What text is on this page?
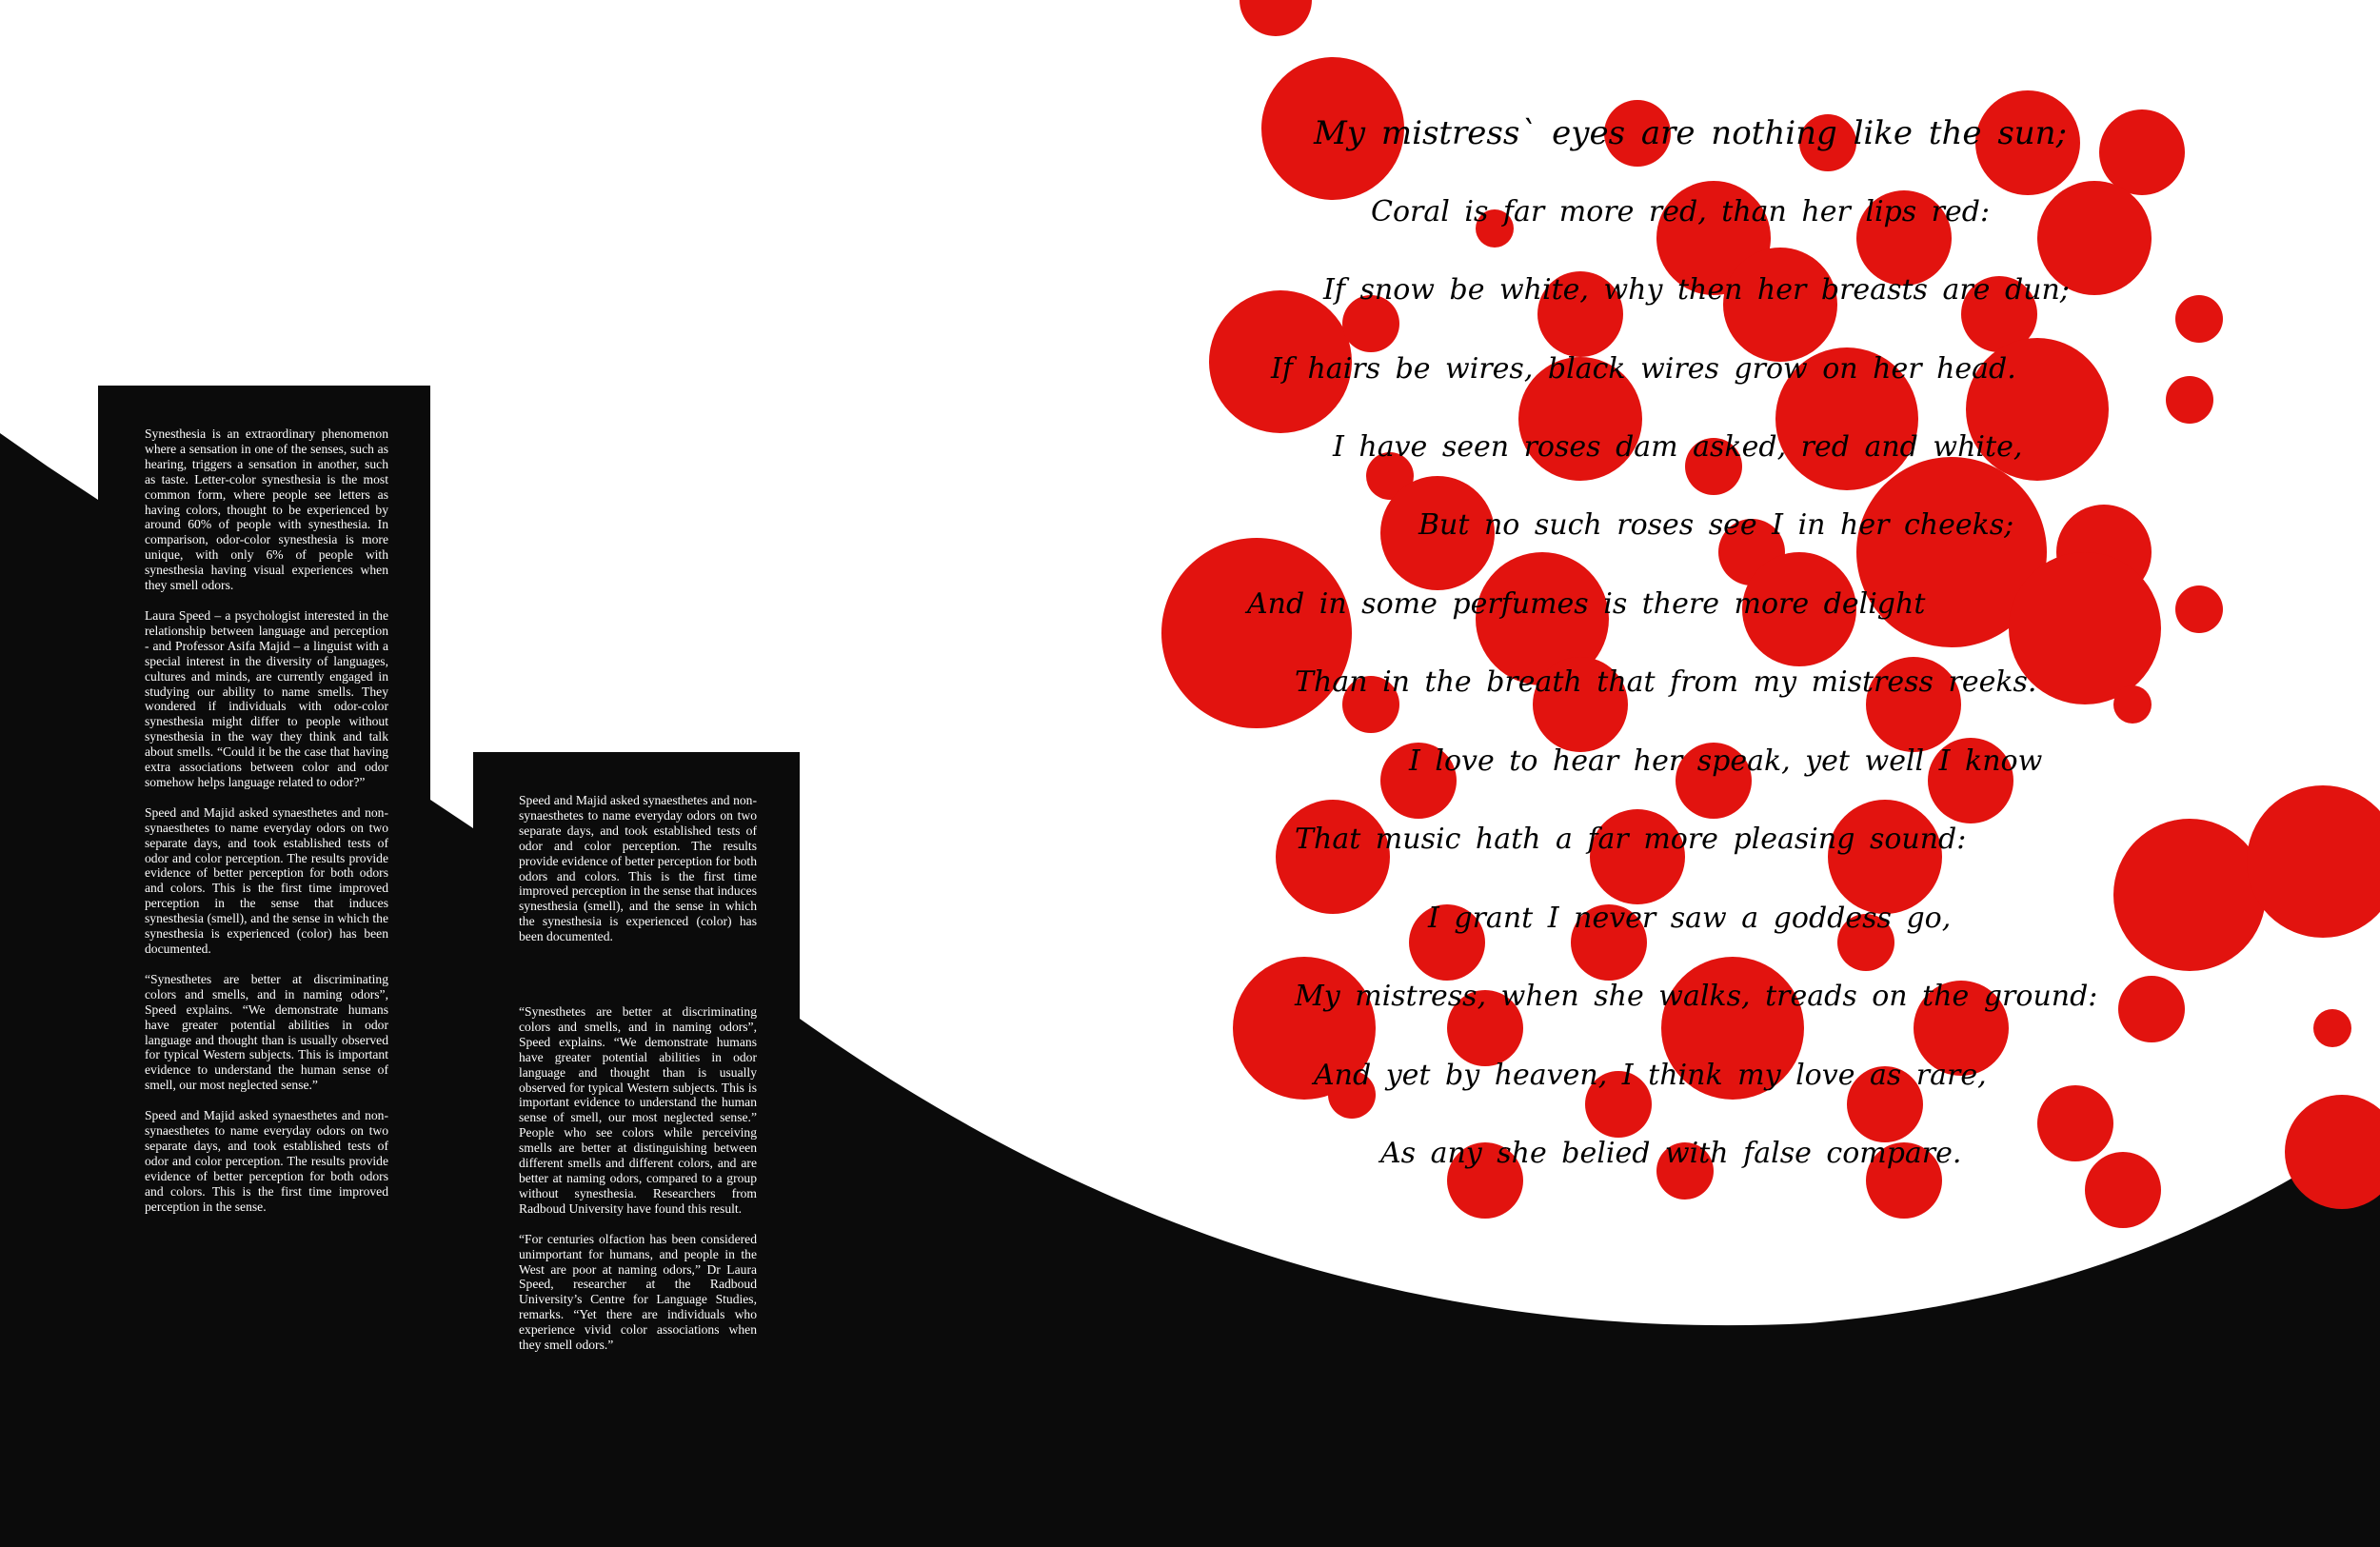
Synesthesia is an extraordinary phenomenon where a sensation in one of the senses, such as hearing, triggers a sensation in another, such as taste. Letter-color synesthesia is the most common form, where people see letters as having colors, thought to be experienced by around 60% of people with synesthesia. In comparison, odor-color synesthesia is more unique, with only 6% of people with synesthesia having visual experiences when they smell odors.

Laura Speed – a psychologist interested in the relationship between language and perception - and Professor Asifa Majid – a linguist with a special interest in the diversity of languages, cultures and minds, are currently engaged in studying our ability to name smells. They wondered if individuals with odor-color synesthesia might differ to people without synesthesia in the way they think and talk about smells. “Could it be the case that having extra associations between color and odor somehow helps language related to odor?”

Speed and Majid asked synaesthetes and non-synaesthetes to name everyday odors on two separate days, and took established tests of odor and color perception. The results provide evidence of better perception for both odors and colors. This is the first time improved perception in the sense that induces synesthesia (smell), and the sense in which the synesthesia is experienced (color) has been documented.

“Synesthetes are better at discriminating colors and smells, and in naming odors”, Speed explains. “We demonstrate humans have greater potential abilities in odor language and thought than is usually observed for typical Western subjects. This is important evidence to understand the human sense of smell, our most neglected sense.”

Speed and Majid asked synaesthetes and non-synaesthetes to name everyday odors on two separate days, and took established tests of odor and color perception. The results provide evidence of better perception for both odors and colors. This is the first time improved perception in the sense.

Speed and Majid asked synaesthetes and non-synaesthetes to name everyday odors on two separate days, and took established tests of odor and color perception. The results provide evidence of better perception for both odors and colors. This is the first time improved perception in the sense that induces synesthesia (smell), and the sense in which the synesthesia is experienced (color) has been documented.

“Synesthetes are better at discriminating colors and smells, and in naming odors”, Speed explains. “We demonstrate humans have greater potential abilities in odor language and thought than is usually observed for typical Western subjects. This is important evidence to understand the human sense of smell, our most neglected sense.” People who see colors while perceiving smells are better at distinguishing between different smells and different colors, and are better at naming odors, compared to a group without synesthesia. Researchers from Radboud University have found this result.

“For centuries olfaction has been considered unimportant for humans, and people in the West are poor at naming odors,” Dr Laura Speed, researcher at the Radboud University’s Centre for Language Studies, remarks. “Yet there are individuals who experience vivid color associations when they smell odors.”

My mistress` eyes are nothing like the sun;
Coral is far more red, than her lips red:
If snow be white, why then her breasts are dun;
If hairs be wires, black wires grow on her head.
I have seen roses dam asked, red and white,
But no such roses see I in her cheeks;
And in some perfumes is there more delight
Than in the breath that from my mistress reeks.
I love to hear her speak, yet well I know
That music hath a far more pleasing sound:
I grant I never saw a goddess go,
My mistress, when she walks, treads on the ground:
And yet by heaven, I think my love as rare,
As any she belied with false compare.
